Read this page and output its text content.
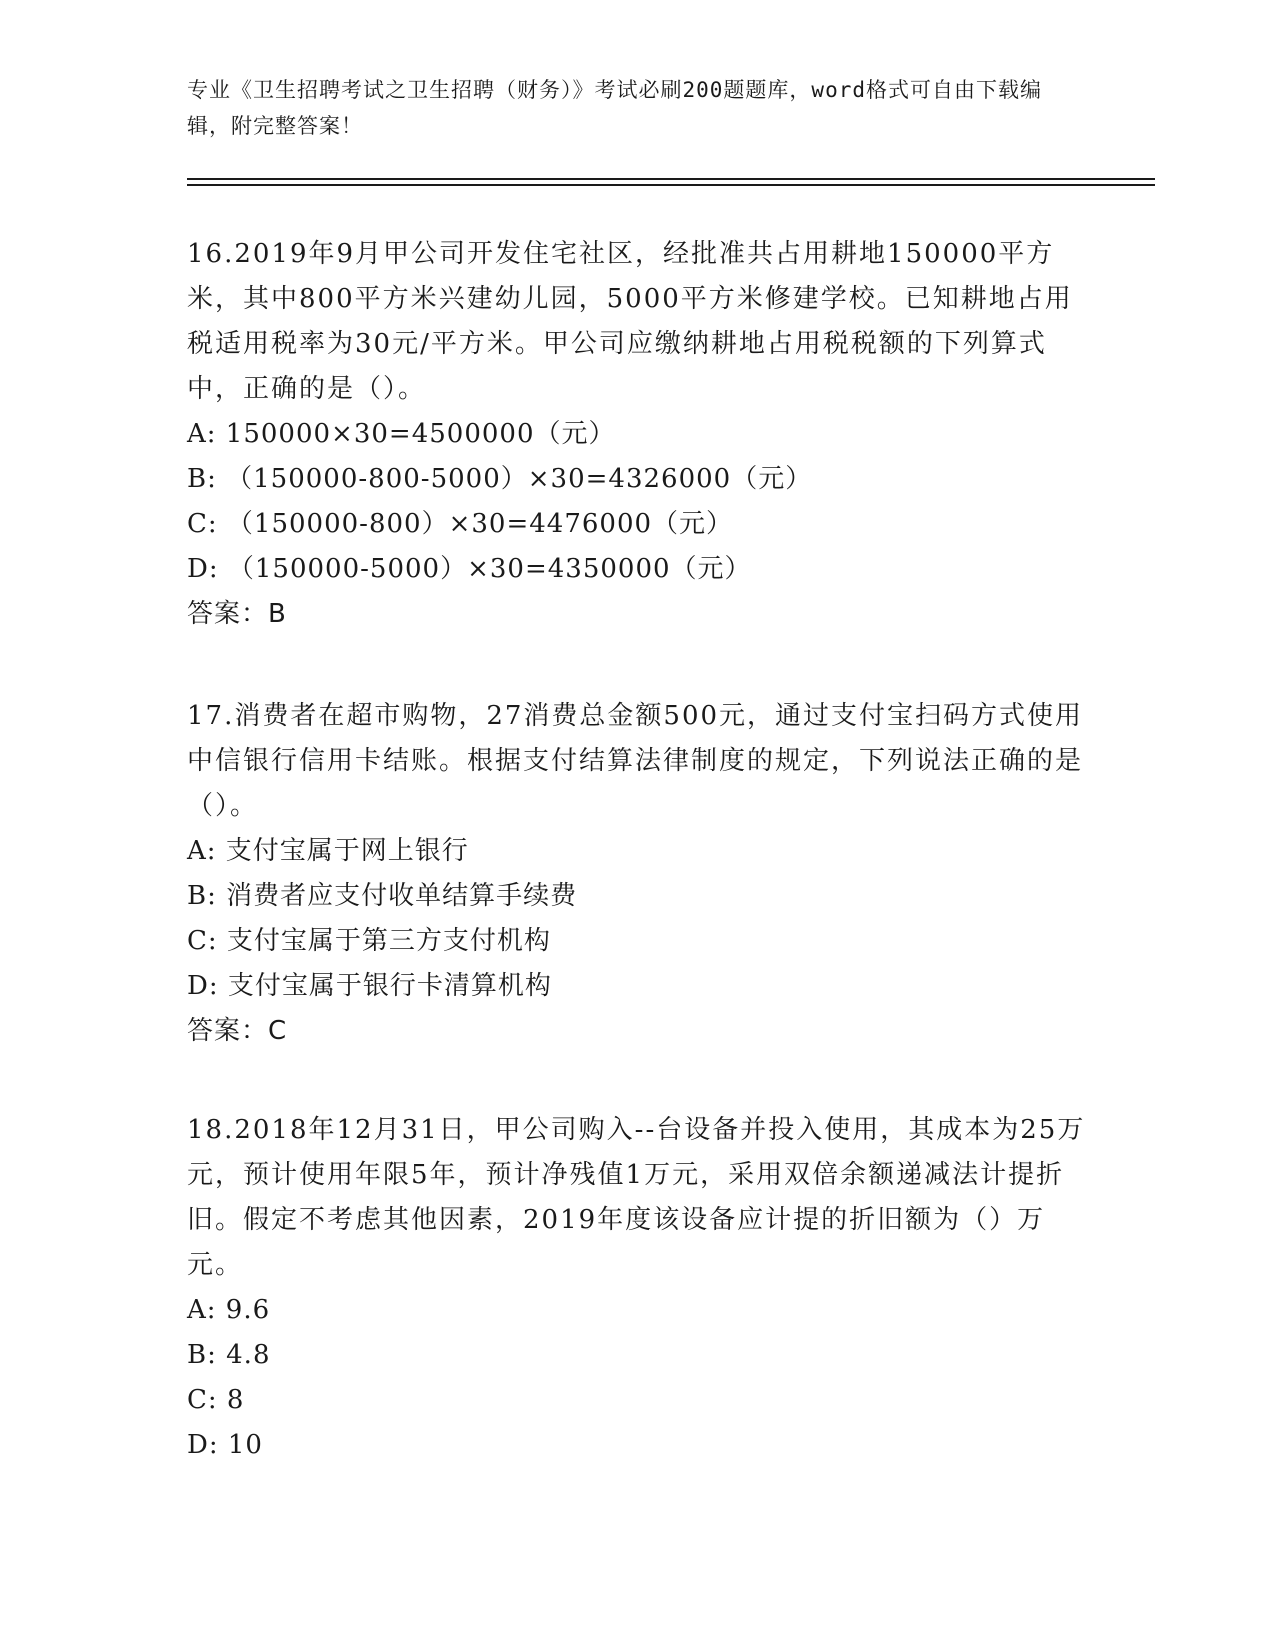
专业《卫生招聘考试之卫生招聘（财务）》考试必刷200题题库，word格式可自由下载编辑，附完整答案！

16.2019年9月甲公司开发住宅社区，经批准共占用耕地150000平方米，其中800平方米兴建幼儿园，5000平方米修建学校。已知耕地占用税适用税率为30元/平方米。甲公司应缴纳耕地占用税税额的下列算式中，正确的是（）。

A: 150000×30=4500000（元）

B: （150000-800-5000）×30=4326000（元）

C: （150000-800）×30=4476000（元）

D: （150000-5000）×30=4350000（元）

答案：B

17.消费者在超市购物，27消费总金额500元，通过支付宝扫码方式使用中信银行信用卡结账。根据支付结算法律制度的规定，下列说法正确的是（）。

A: 支付宝属于网上银行

B: 消费者应支付收单结算手续费

C: 支付宝属于第三方支付机构

D: 支付宝属于银行卡清算机构

答案：C

18.2018年12月31日，甲公司购入--台设备并投入使用，其成本为25万元，预计使用年限5年，预计净残值1万元，采用双倍余额递减法计提折旧。假定不考虑其他因素，2019年度该设备应计提的折旧额为（）万元。

A: 9.6

B: 4.8

C: 8

D: 10
